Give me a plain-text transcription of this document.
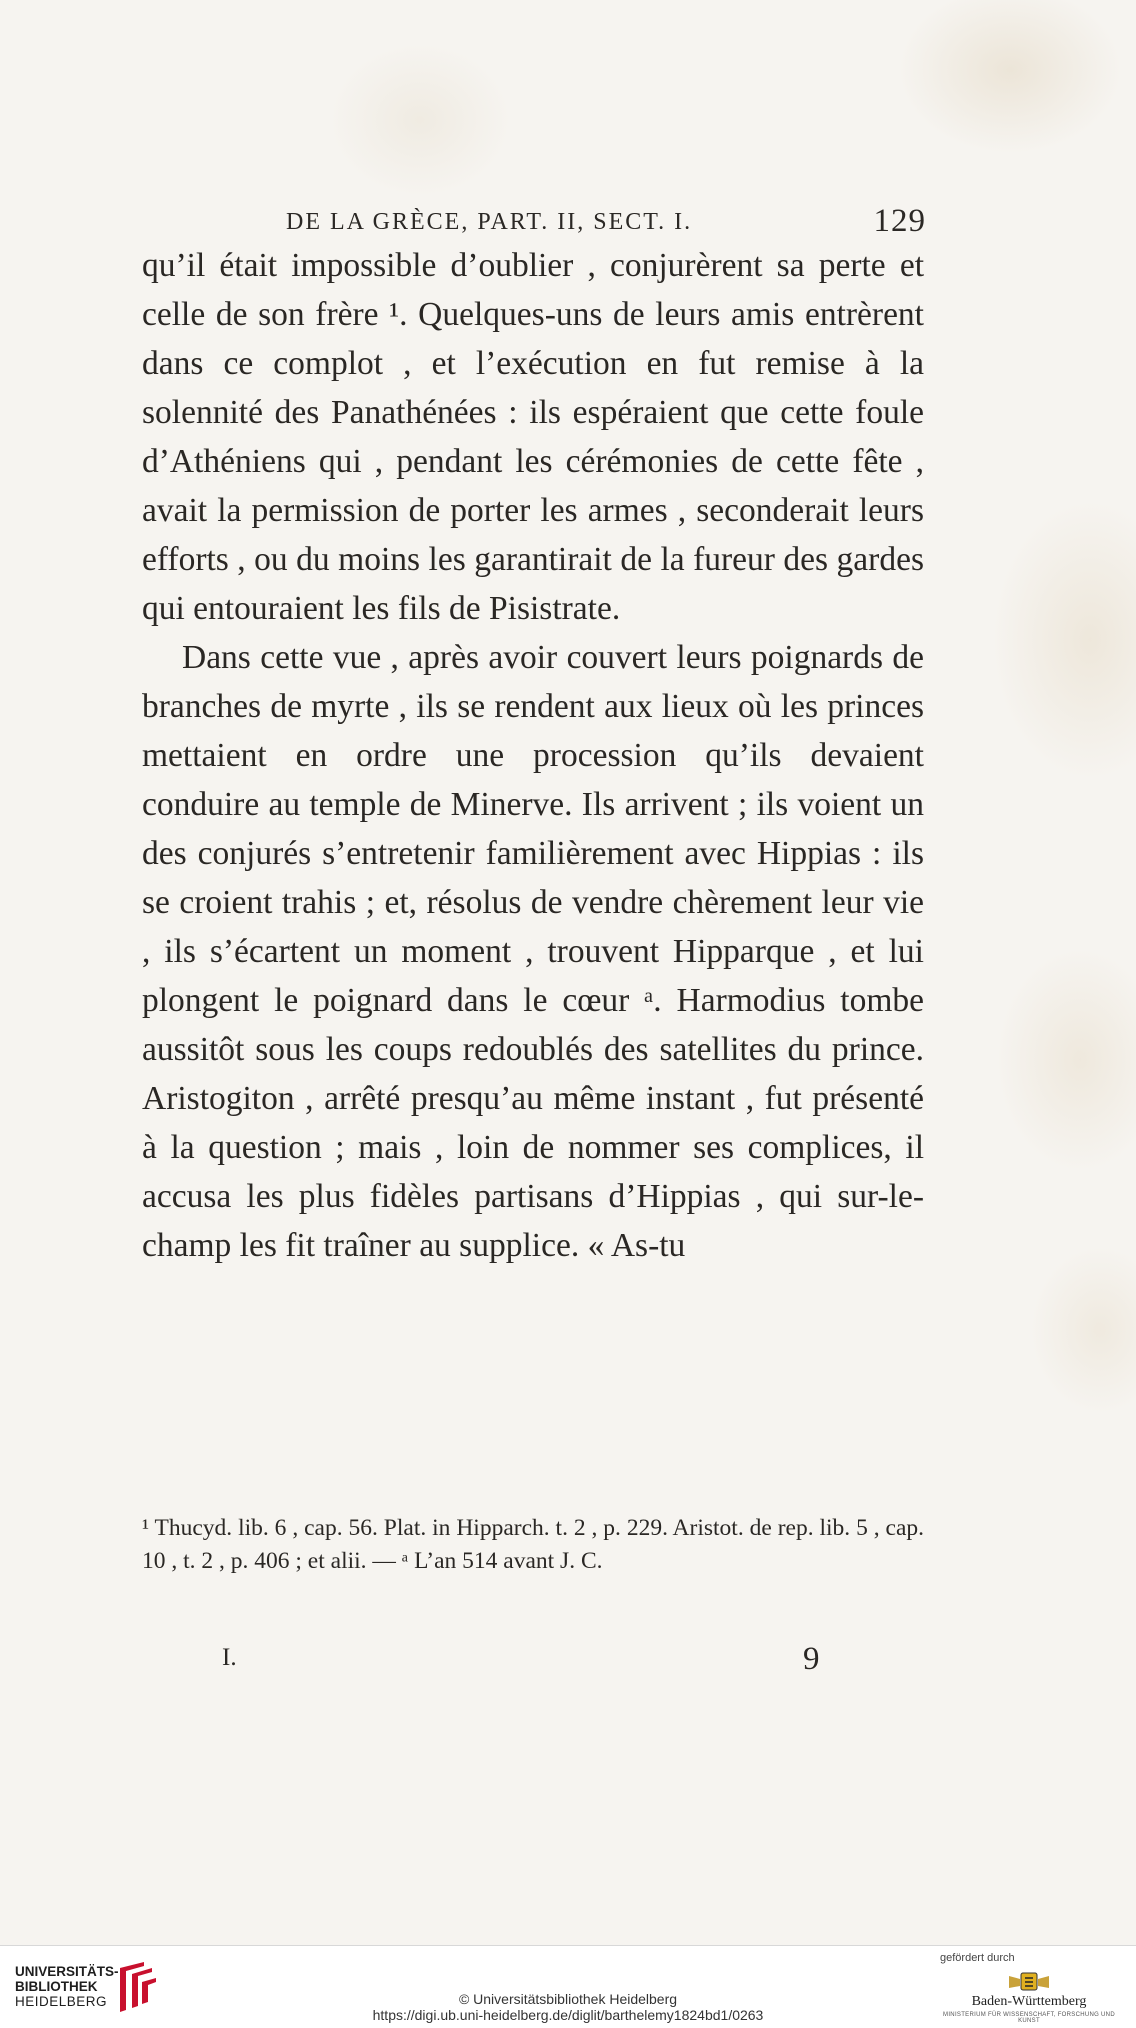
DE LA GRÈCE, PART. II, SECT. I.	129

qu’il était impossible d’oublier , conjurèrent sa perte et celle de son frère ¹. Quelques-uns de leurs amis entrèrent dans ce complot , et l’exécution en fut remise à la solennité des Panathénées : ils espéraient que cette foule d’Athéniens qui , pendant les cérémonies de cette fête , avait la permission de porter les armes , seconderait leurs efforts , ou du moins les garantirait de la fureur des gardes qui entouraient les fils de Pisistrate.

Dans cette vue , après avoir couvert leurs poignards de branches de myrte , ils se rendent aux lieux où les princes mettaient en ordre une procession qu’ils devaient conduire au temple de Minerve. Ils arrivent ; ils voient un des conjurés s’entretenir familièrement avec Hippias : ils se croient trahis ; et, résolus de vendre chèrement leur vie , ils s’écartent un moment , trouvent Hipparque , et lui plongent le poignard dans le cœur ᵃ. Harmodius tombe aussitôt sous les coups redoublés des satellites du prince. Aristogiton , arrêté presqu’au même instant , fut présenté à la question ; mais , loin de nommer ses complices, il accusa les plus fidèles partisans d’Hippias , qui sur-le-champ les fit traîner au supplice. « As-tu

¹ Thucyd. lib. 6 , cap. 56. Plat. in Hipparch. t. 2 , p. 229. Aristot. de rep. lib. 5 , cap. 10 , t. 2 , p. 406 ; et alii. — ᵃ L’an 514 avant J. C.
I.	9
UNIVERSITÄTS-
BIBLIOTHEK
HEIDELBERG	© Universitätsbibliothek Heidelberg
https://digi.ub.uni-heidelberg.de/diglit/barthelemy1824bd1/0263
gefördert durch
Baden-Württemberg
MINISTERIUM FÜR WISSENSCHAFT, FORSCHUNG UND KUNST
